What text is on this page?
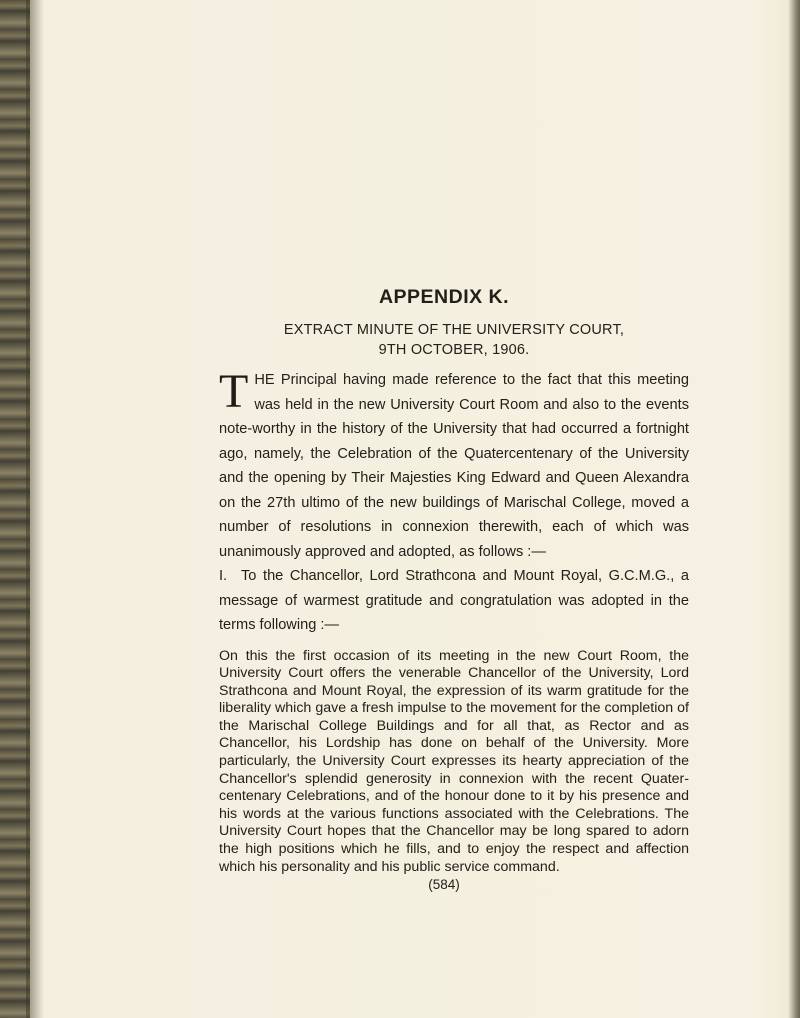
APPENDIX K.

EXTRACT MINUTE OF THE UNIVERSITY COURT,

9TH OCTOBER, 1906.

T HE Principal having made reference to the fact that this meeting was held in the new University Court Room and also to the events note-worthy in the history of the University that had occurred a fortnight ago, namely, the Celebration of the Quatercentenary of the University and the opening by Their Majesties King Edward and Queen Alexandra on the 27th ultimo of the new buildings of Marischal College, moved a number of resolutions in connexion therewith, each of which was unanimously approved and adopted, as follows :—

I. To the Chancellor, Lord Strathcona and Mount Royal, G.C.M.G., a message of warmest gratitude and congratulation was adopted in the terms following :—

On this the first occasion of its meeting in the new Court Room, the University Court offers the venerable Chancellor of the University, Lord Strathcona and Mount Royal, the expression of its warm gratitude for the liberality which gave a fresh impulse to the movement for the completion of the Marischal College Buildings and for all that, as Rector and as Chancellor, his Lordship has done on behalf of the University. More particularly, the University Court expresses its hearty appreciation of the Chancellor's splendid generosity in connexion with the recent Quater-centenary Celebrations, and of the honour done to it by his presence and his words at the various functions associated with the Celebrations. The University Court hopes that the Chancellor may be long spared to adorn the high positions which he fills, and to enjoy the respect and affection which his personality and his public service command.

(584)
